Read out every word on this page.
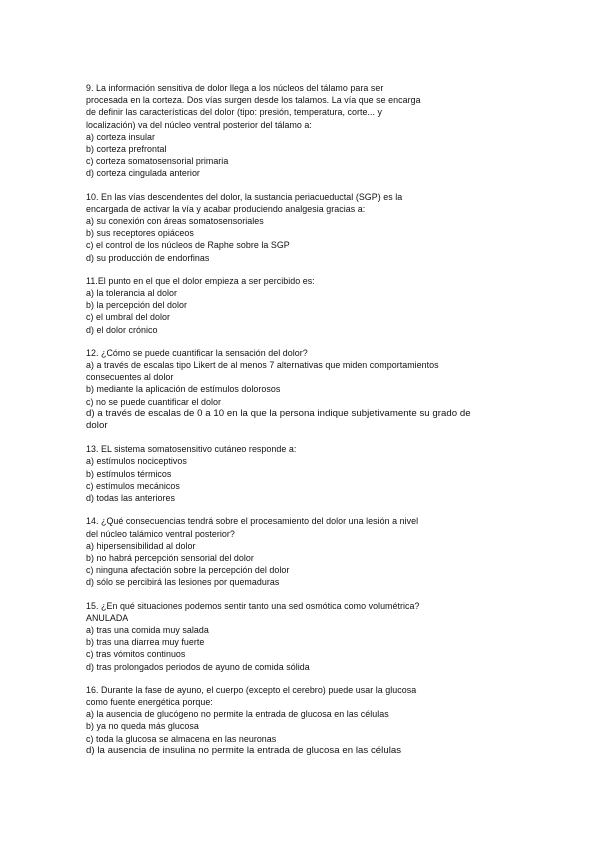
9. La información sensitiva de dolor llega a los núcleos del tálamo para ser
procesada en la corteza. Dos vías surgen desde los talamos. La vía que se encarga
de definir las características del dolor (tipo: presión, temperatura, corte... y
localización) va del núcleo ventral posterior del tálamo a:
a) corteza insular
b) corteza prefrontal
c) corteza somatosensorial primaria
d) corteza cingulada anterior
10. En las vías descendentes del dolor, la sustancia periacueductal (SGP) es la
encargada de activar la vía y acabar produciendo analgesia gracias a:
a) su conexión con áreas somatosensoriales
b) sus receptores opiáceos
c) el control de los núcleos de Raphe sobre la SGP
d) su producción de endorfinas
11.El punto en el que el dolor empieza a ser percibido es:
a) la tolerancia al dolor
b) la percepción del dolor
c) el umbral del dolor
d) el dolor crónico
12. ¿Cómo se puede cuantificar la sensación del dolor?
a) a través de escalas tipo Likert de al menos 7 alternativas que miden comportamientos
consecuentes al dolor
b) mediante la aplicación de estímulos dolorosos
c) no se puede cuantificar el dolor
d) a través de escalas de 0 a 10 en la que la persona indique subjetivamente su grado de
dolor
13. EL sistema somatosensitivo cutáneo responde a:
a) estímulos nociceptivos
b) estímulos térmicos
c) estímulos mecánicos
d) todas las anteriores
14. ¿Qué consecuencias tendrá sobre el procesamiento del dolor una lesión a nivel
del núcleo talámico ventral posterior?
a) hipersensibilidad al dolor
b) no habrá percepción sensorial del dolor
c) ninguna afectación sobre la percepción del dolor
d) sólo se percibirá las lesiones por quemaduras
15. ¿En qué situaciones podemos sentir tanto una sed osmótica como volumétrica?
ANULADA
a) tras una comida muy salada
b) tras una diarrea muy fuerte
c) tras vómitos continuos
d) tras prolongados periodos de ayuno de comida sólida
16. Durante la fase de ayuno, el cuerpo (excepto el cerebro) puede usar la glucosa
como fuente energética porque:
a) la ausencia de glucógeno no permite la entrada de glucosa en las células
b) ya no queda más glucosa
c) toda la glucosa se almacena en las neuronas
d) la ausencia de insulina no permite la entrada de glucosa en las células
